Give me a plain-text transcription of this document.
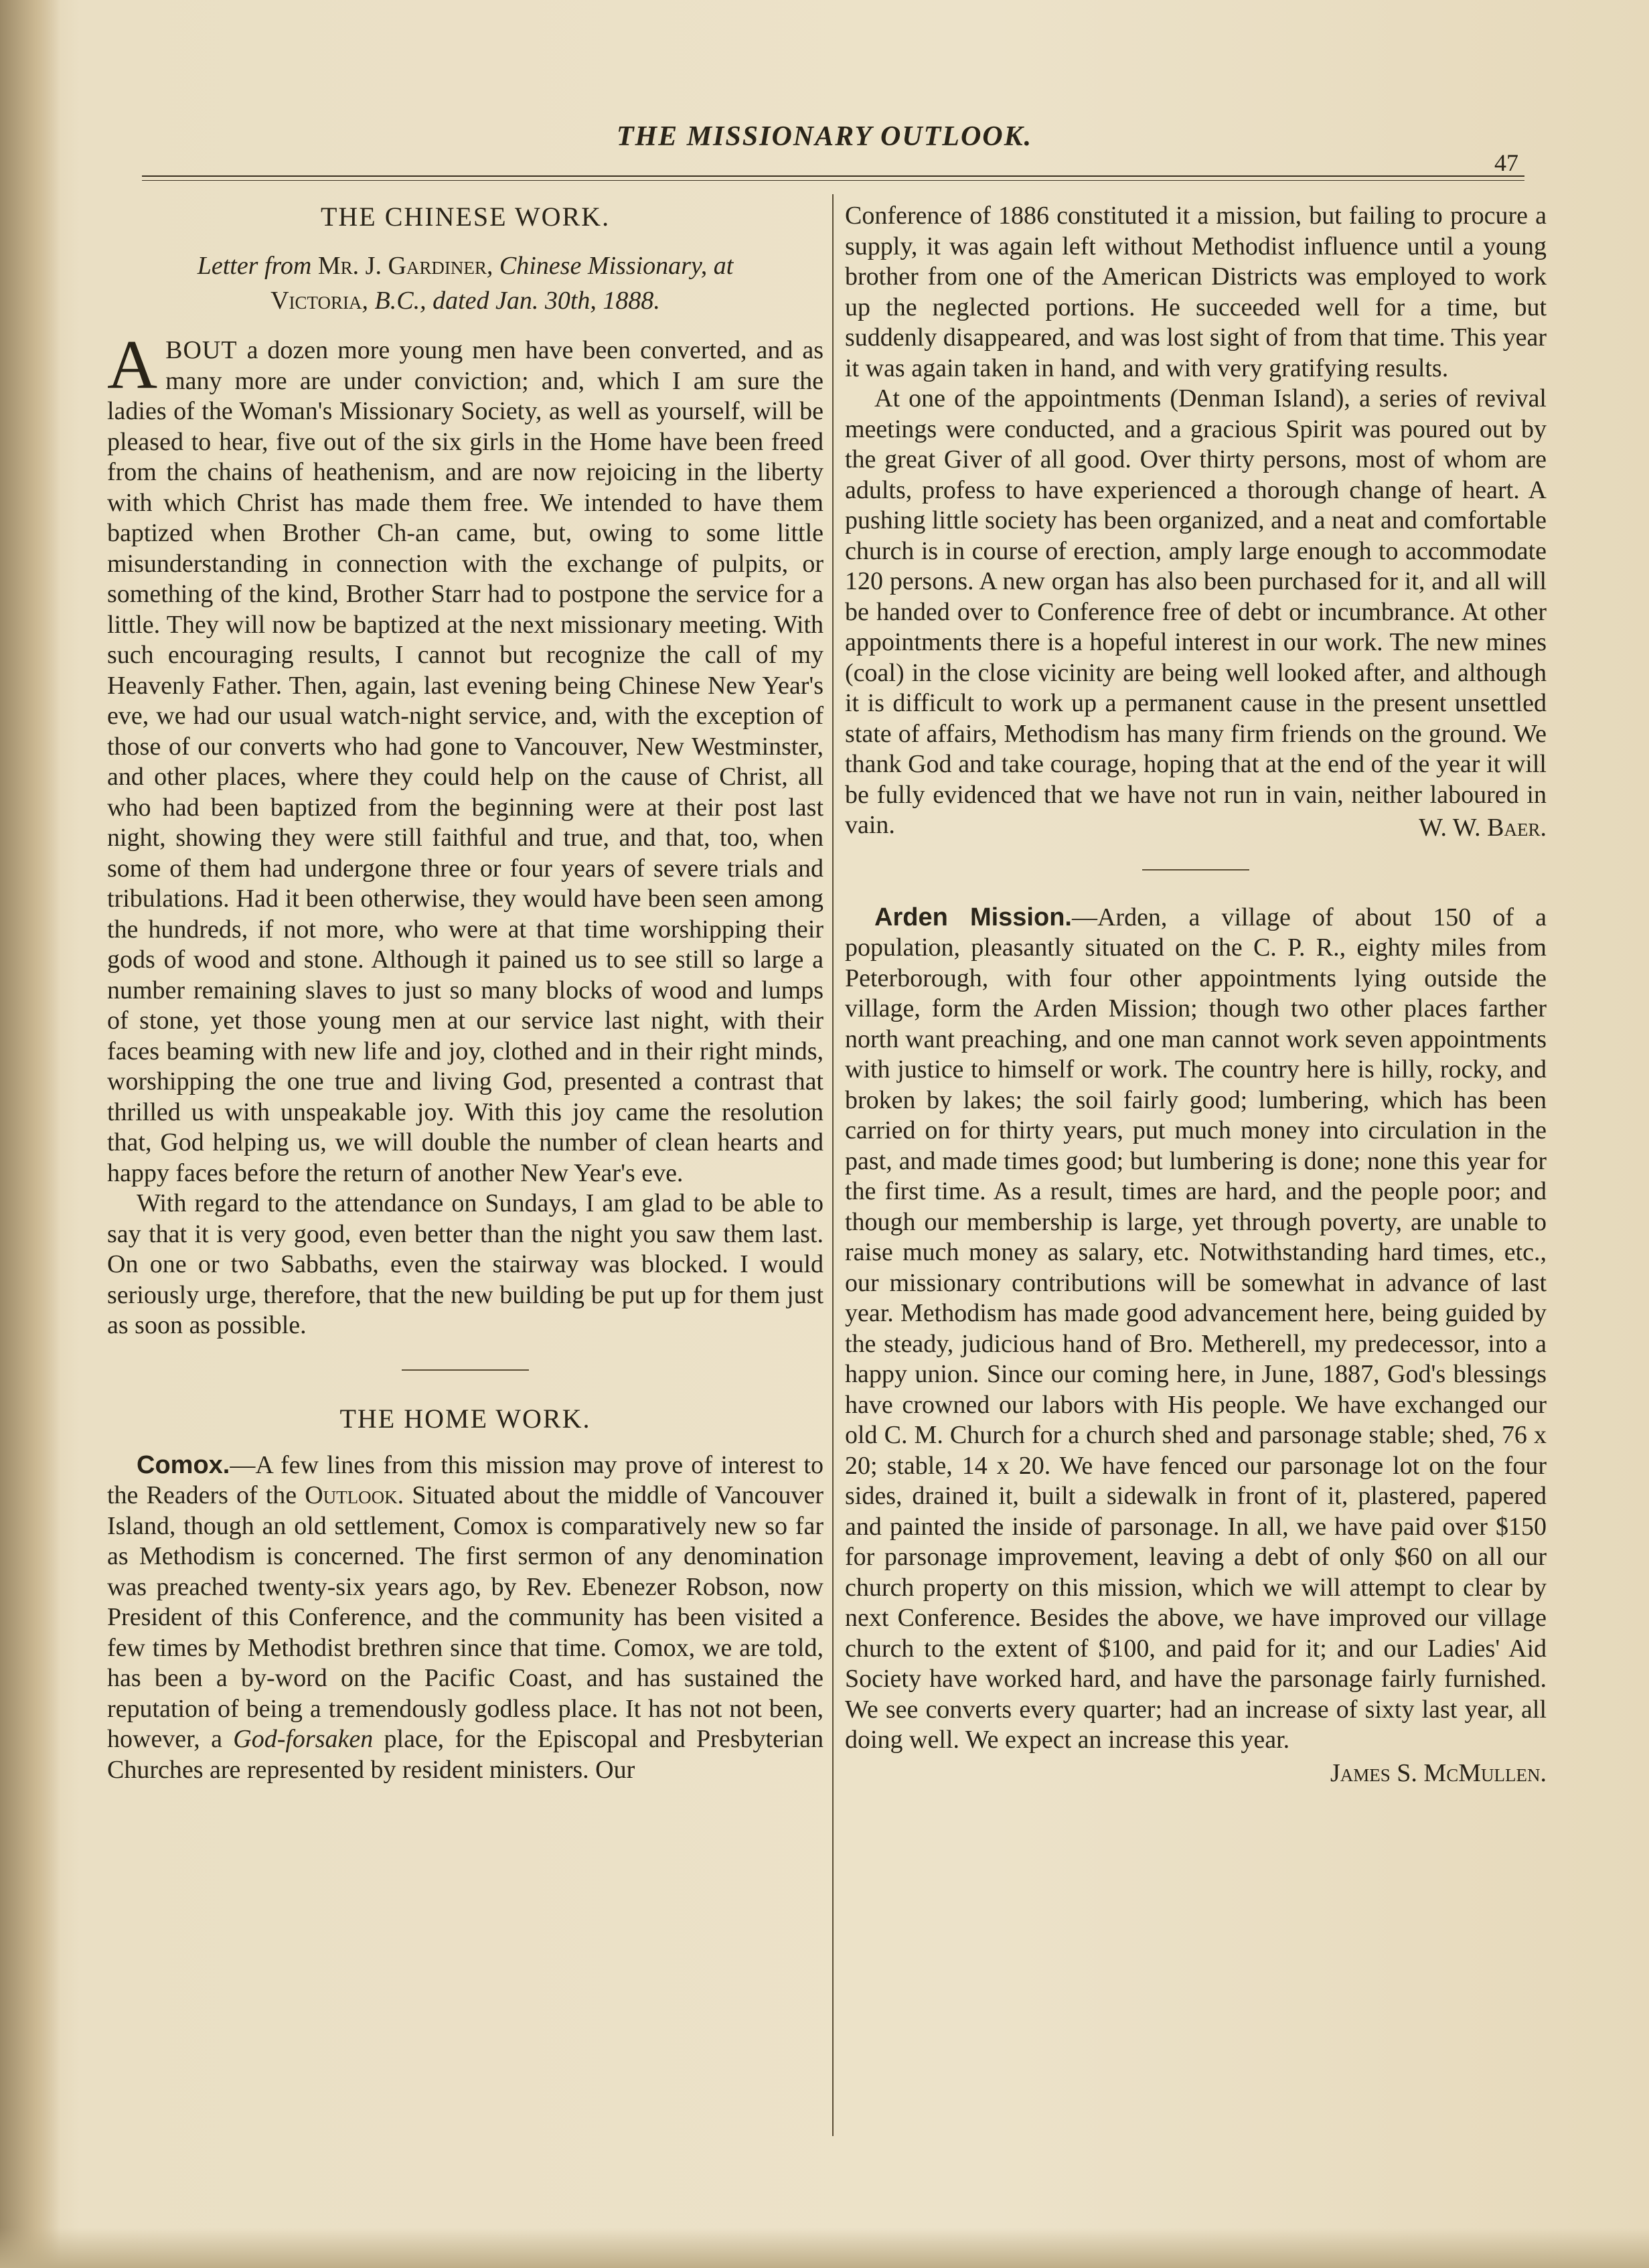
THE MISSIONARY OUTLOOK.
47
THE CHINESE WORK.
Letter from Mr. J. Gardiner, Chinese Missionary, at
Victoria, B.C., dated Jan. 30th, 1888.

ABOUT a dozen more young men have been converted, and as many more are under conviction; and, which I am sure the ladies of the Woman's Missionary Society, as well as yourself, will be pleased to hear, five out of the six girls in the Home have been freed from the chains of heathenism, and are now rejoicing in the liberty with which Christ has made them free. We intended to have them baptized when Brother Ch-an came, but, owing to some little misunderstanding in connection with the exchange of pulpits, or something of the kind, Brother Starr had to postpone the service for a little. They will now be baptized at the next missionary meeting. With such encouraging results, I cannot but recognize the call of my Heavenly Father. Then, again, last evening being Chinese New Year's eve, we had our usual watch-night service, and, with the exception of those of our converts who had gone to Vancouver, New Westminster, and other places, where they could help on the cause of Christ, all who had been baptized from the beginning were at their post last night, showing they were still faithful and true, and that, too, when some of them had undergone three or four years of severe trials and tribulations. Had it been otherwise, they would have been seen among the hundreds, if not more, who were at that time worshipping their gods of wood and stone. Although it pained us to see still so large a number remaining slaves to just so many blocks of wood and lumps of stone, yet those young men at our service last night, with their faces beaming with new life and joy, clothed and in their right minds, worshipping the one true and living God, presented a contrast that thrilled us with unspeakable joy. With this joy came the resolution that, God helping us, we will double the number of clean hearts and happy faces before the return of another New Year's eve.

With regard to the attendance on Sundays, I am glad to be able to say that it is very good, even better than the night you saw them last. On one or two Sabbaths, even the stairway was blocked. I would seriously urge, therefore, that the new building be put up for them just as soon as possible.

THE HOME WORK.

Comox.—A few lines from this mission may prove of interest to the Readers of the Outlook. Situated about the middle of Vancouver Island, though an old settlement, Comox is comparatively new so far as Methodism is concerned. The first sermon of any denomination was preached twenty-six years ago, by Rev. Ebenezer Robson, now President of this Conference, and the community has been visited a few times by Methodist brethren since that time. Comox, we are told, has been a by-word on the Pacific Coast, and has sustained the reputation of being a tremendously godless place. It has not not been, however, a God-forsaken place, for the Episcopal and Presbyterian Churches are represented by resident ministers. Our

Conference of 1886 constituted it a mission, but failing to procure a supply, it was again left without Methodist influence until a young brother from one of the American Districts was employed to work up the neglected portions. He succeeded well for a time, but suddenly disappeared, and was lost sight of from that time. This year it was again taken in hand, and with very gratifying results.

At one of the appointments (Denman Island), a series of revival meetings were conducted, and a gracious Spirit was poured out by the great Giver of all good. Over thirty persons, most of whom are adults, profess to have experienced a thorough change of heart. A pushing little society has been organized, and a neat and comfortable church is in course of erection, amply large enough to accommodate 120 persons. A new organ has also been purchased for it, and all will be handed over to Conference free of debt or incumbrance. At other appointments there is a hopeful interest in our work. The new mines (coal) in the close vicinity are being well looked after, and although it is difficult to work up a permanent cause in the present unsettled state of affairs, Methodism has many firm friends on the ground. We thank God and take courage, hoping that at the end of the year it will be fully evidenced that we have not run in vain, neither laboured in vain.	W. W. Baer.

Arden Mission.—Arden, a village of about 150 of a population, pleasantly situated on the C. P. R., eighty miles from Peterborough, with four other appointments lying outside the village, form the Arden Mission; though two other places farther north want preaching, and one man cannot work seven appointments with justice to himself or work. The country here is hilly, rocky, and broken by lakes; the soil fairly good; lumbering, which has been carried on for thirty years, put much money into circulation in the past, and made times good; but lumbering is done; none this year for the first time. As a result, times are hard, and the people poor; and though our membership is large, yet through poverty, are unable to raise much money as salary, etc. Notwithstanding hard times, etc., our missionary contributions will be somewhat in advance of last year. Methodism has made good advancement here, being guided by the steady, judicious hand of Bro. Metherell, my predecessor, into a happy union. Since our coming here, in June, 1887, God's blessings have crowned our labors with His people. We have exchanged our old C. M. Church for a church shed and parsonage stable; shed, 76 x 20; stable, 14 x 20. We have fenced our parsonage lot on the four sides, drained it, built a sidewalk in front of it, plastered, papered and painted the inside of parsonage. In all, we have paid over $150 for parsonage improvement, leaving a debt of only $60 on all our church property on this mission, which we will attempt to clear by next Conference. Besides the above, we have improved our village church to the extent of $100, and paid for it; and our Ladies' Aid Society have worked hard, and have the parsonage fairly furnished. We see converts every quarter; had an increase of sixty last year, all doing well. We expect an increase this year.

James S. McMullen.
